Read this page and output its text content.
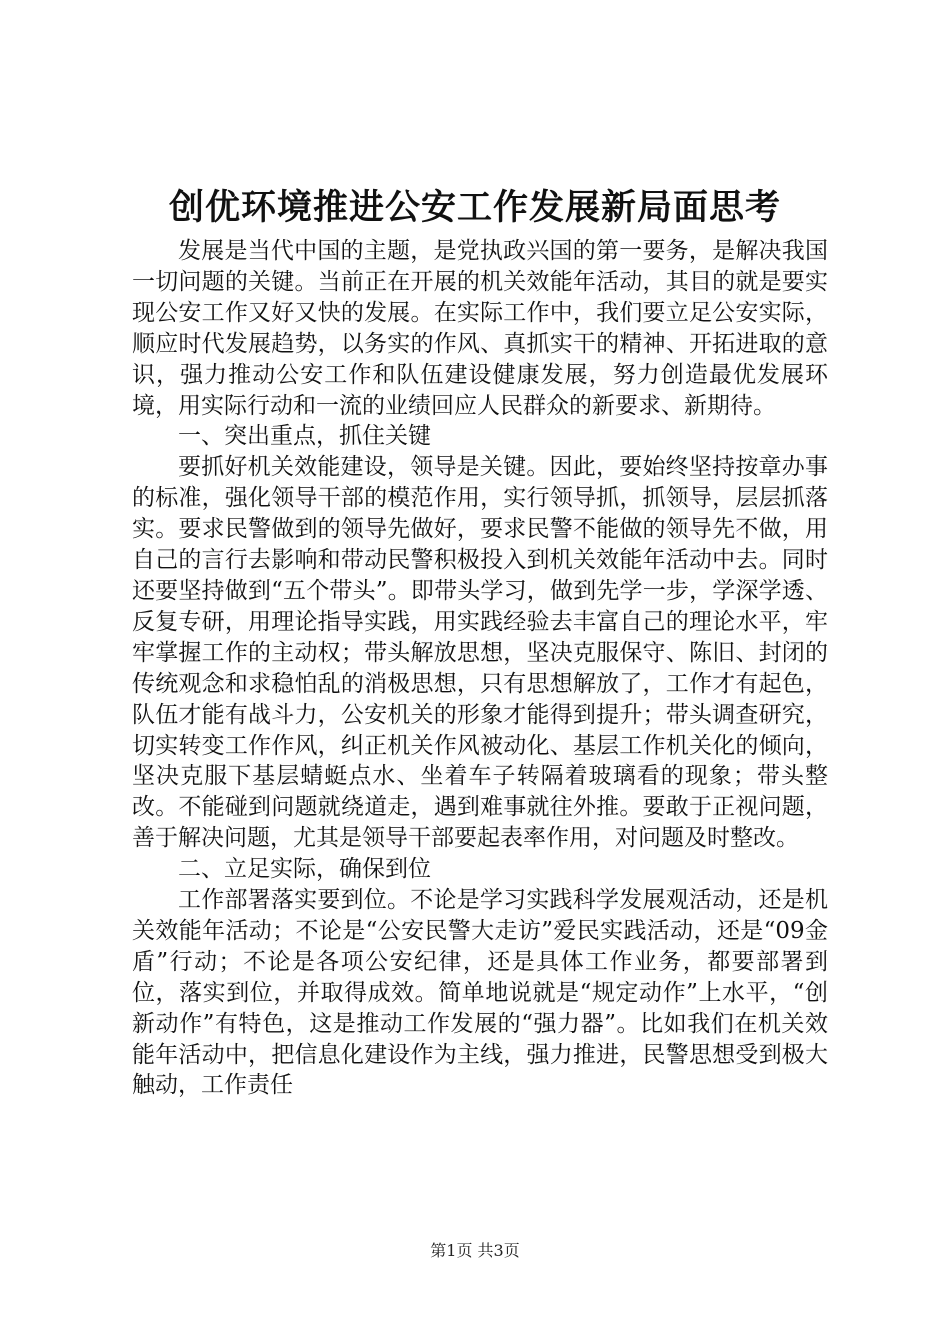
创优环境推进公安工作发展新局面思考

发展是当代中国的主题，是党执政兴国的第一要务，是解决我国一切问题的关键。当前正在开展的机关效能年活动，其目的就是要实现公安工作又好又快的发展。在实际工作中，我们要立足公安实际，顺应时代发展趋势，以务实的作风、真抓实干的精神、开拓进取的意识，强力推动公安工作和队伍建设健康发展，努力创造最优发展环境，用实际行动和一流的业绩回应人民群众的新要求、新期待。

一、突出重点，抓住关键

要抓好机关效能建设，领导是关键。因此，要始终坚持按章办事的标准，强化领导干部的模范作用，实行领导抓，抓领导，层层抓落实。要求民警做到的领导先做好，要求民警不能做的领导先不做，用自己的言行去影响和带动民警积极投入到机关效能年活动中去。同时还要坚持做到“五个带头”。即带头学习，做到先学一步，学深学透、反复专研，用理论指导实践，用实践经验去丰富自己的理论水平，牢牢掌握工作的主动权；带头解放思想，坚决克服保守、陈旧、封闭的传统观念和求稳怕乱的消极思想，只有思想解放了，工作才有起色，队伍才能有战斗力，公安机关的形象才能得到提升；带头调查研究，切实转变工作作风，纠正机关作风被动化、基层工作机关化的倾向，坚决克服下基层蜻蜓点水、坐着车子转隔着玻璃看的现象；带头整改。不能碰到问题就绕道走，遇到难事就往外推。要敢于正视问题，善于解决问题，尤其是领导干部要起表率作用，对问题及时整改。

二、立足实际，确保到位

工作部署落实要到位。不论是学习实践科学发展观活动，还是机关效能年活动；不论是“公安民警大走访”爱民实践活动，还是“09金盾”行动；不论是各项公安纪律，还是具体工作业务，都要部署到位，落实到位，并取得成效。简单地说就是“规定动作”上水平，“创新动作”有特色，这是推动工作发展的“强力器”。比如我们在机关效能年活动中，把信息化建设作为主线，强力推进，民警思想受到极大触动，工作责任

第1页 共3页
